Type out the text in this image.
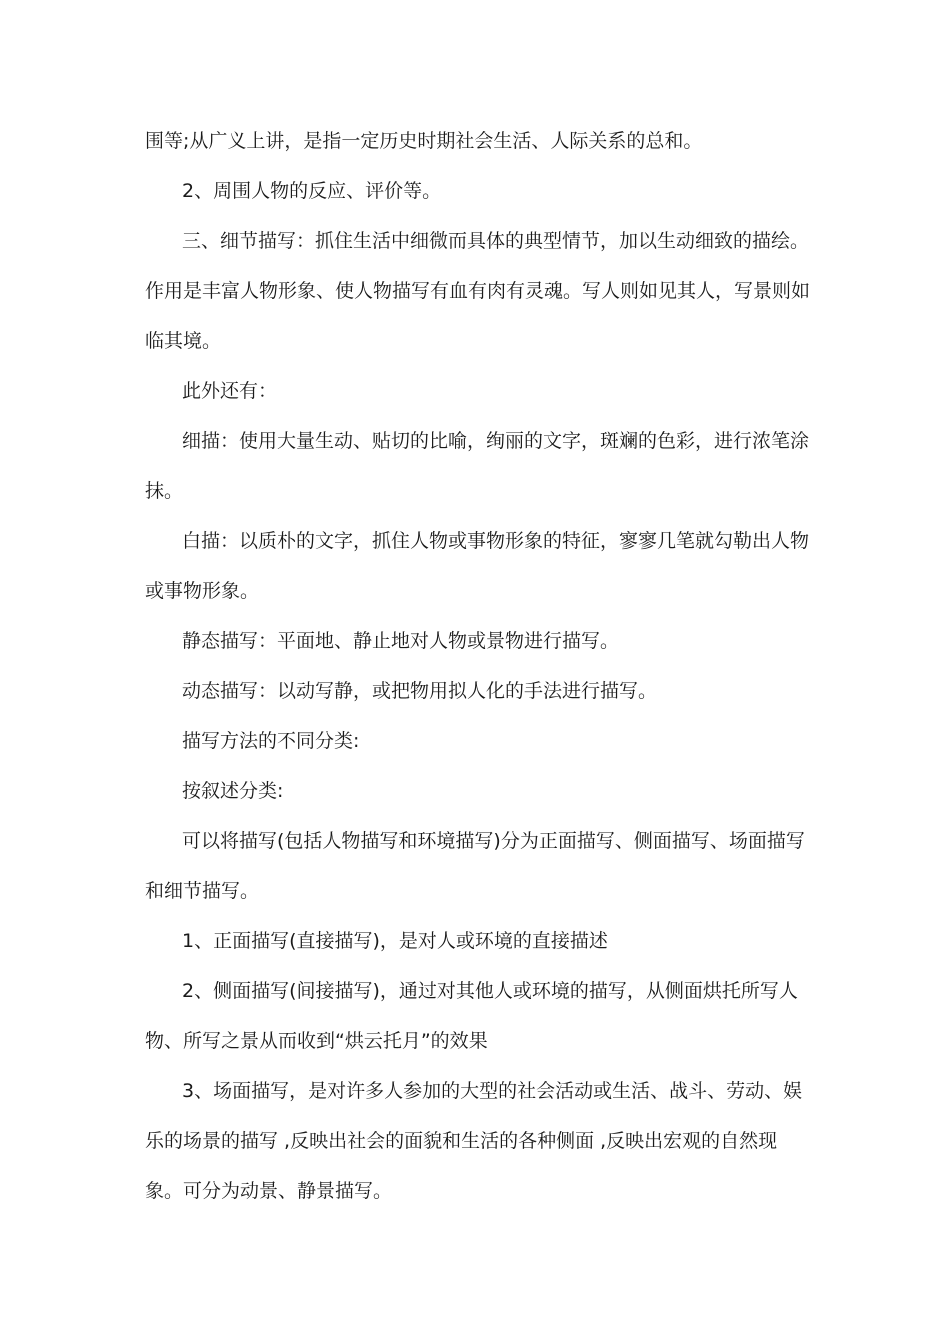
围等;从广义上讲，是指一定历史时期社会生活、人际关系的总和。

2、周围人物的反应、评价等。

三、细节描写：抓住生活中细微而具体的典型情节，加以生动细致的描绘。作用是丰富人物形象、使人物描写有血有肉有灵魂。写人则如见其人，写景则如临其境。

此外还有：

细描：使用大量生动、贴切的比喻，绚丽的文字，斑斓的色彩，进行浓笔涂抹。

白描：以质朴的文字，抓住人物或事物形象的特征，寥寥几笔就勾勒出人物或事物形象。

静态描写：平面地、静止地对人物或景物进行描写。

动态描写：以动写静，或把物用拟人化的手法进行描写。

描写方法的不同分类:

按叙述分类:

可以将描写(包括人物描写和环境描写)分为正面描写、侧面描写、场面描写和细节描写。

1、正面描写(直接描写)，是对人或环境的直接描述

2、侧面描写(间接描写)，通过对其他人或环境的描写，从侧面烘托所写人物、所写之景从而收到“烘云托月”的效果

3、场面描写，是对许多人参加的大型的社会活动或生活、战斗、劳动、娱乐的场景的描写 ,反映出社会的面貌和生活的各种侧面 ,反映出宏观的自然现象。可分为动景、静景描写。
